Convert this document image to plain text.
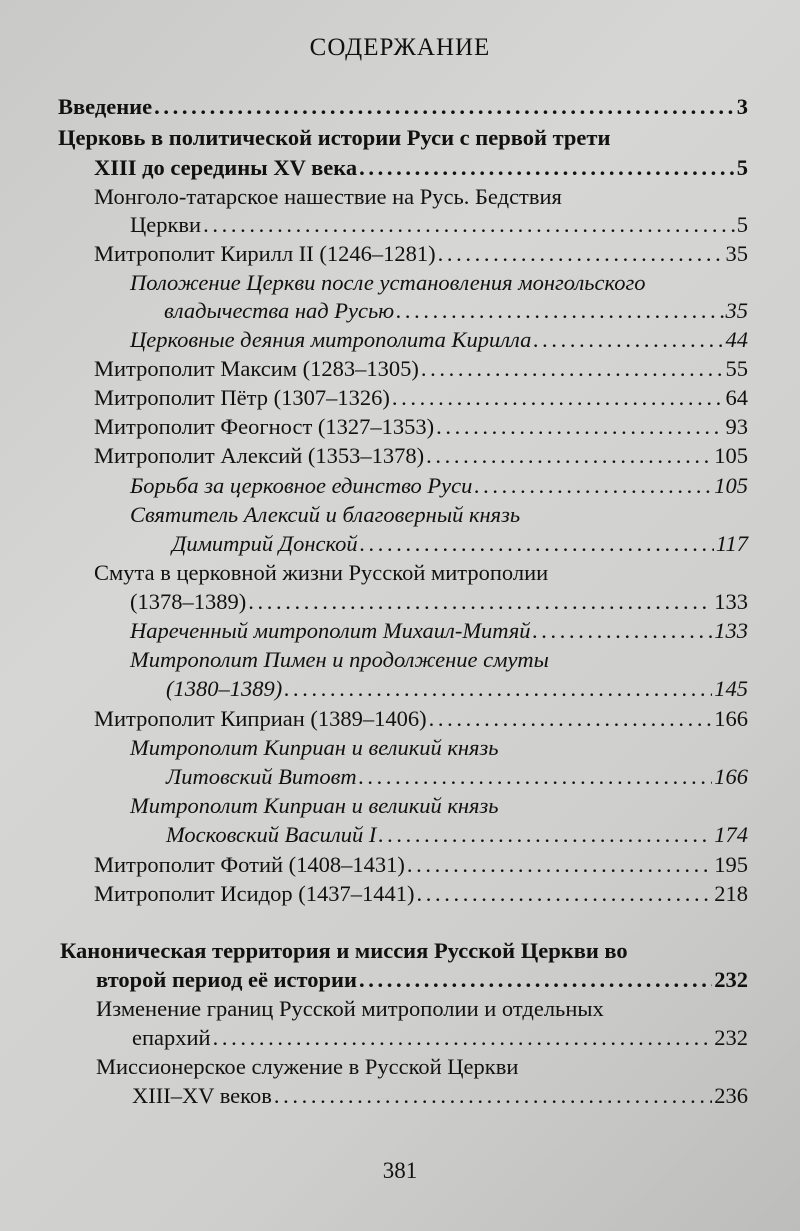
СОДЕРЖАНИЕ
Введение . . .	3
Церковь в политической истории Руси с первой трети
XIII до середины XV века . . .	5
Монголо-татарское нашествие на Русь. Бедствия
Церкви . . .	5
Митрополит Кирилл II (1246–1281) . . .	35
Положение Церкви после установления монгольского
владычества над Русью . . .	35
Церковные деяния митрополита Кирилла . . .	44
Митрополит Максим (1283–1305) . . .	55
Митрополит Пётр (1307–1326) . . .	64
Митрополит Феогност (1327–1353) . . .	93
Митрополит Алексий (1353–1378) . . .	105
Борьба за церковное единство Руси . . .	105
Святитель Алексий и благоверный князь
Димитрий Донской . . .	117
Смута в церковной жизни Русской митрополии
(1378–1389) . . .	133
Нареченный митрополит Михаил-Митяй . . .	133
Митрополит Пимен и продолжение смуты
(1380–1389) . . .	145
Митрополит Киприан (1389–1406) . . .	166
Митрополит Киприан и великий князь
Литовский Витовт . . .	166
Митрополит Киприан и великий князь
Московский Василий I . . .	174
Митрополит Фотий (1408–1431) . . .	195
Митрополит Исидор (1437–1441) . . .	218
Каноническая территория и миссия Русской Церкви во
второй период её истории . . .	232
Изменение границ Русской митрополии и отдельных
епархий . . .	232
Миссионерское служение в Русской Церкви
XIII–XV веков . . .	236
381
